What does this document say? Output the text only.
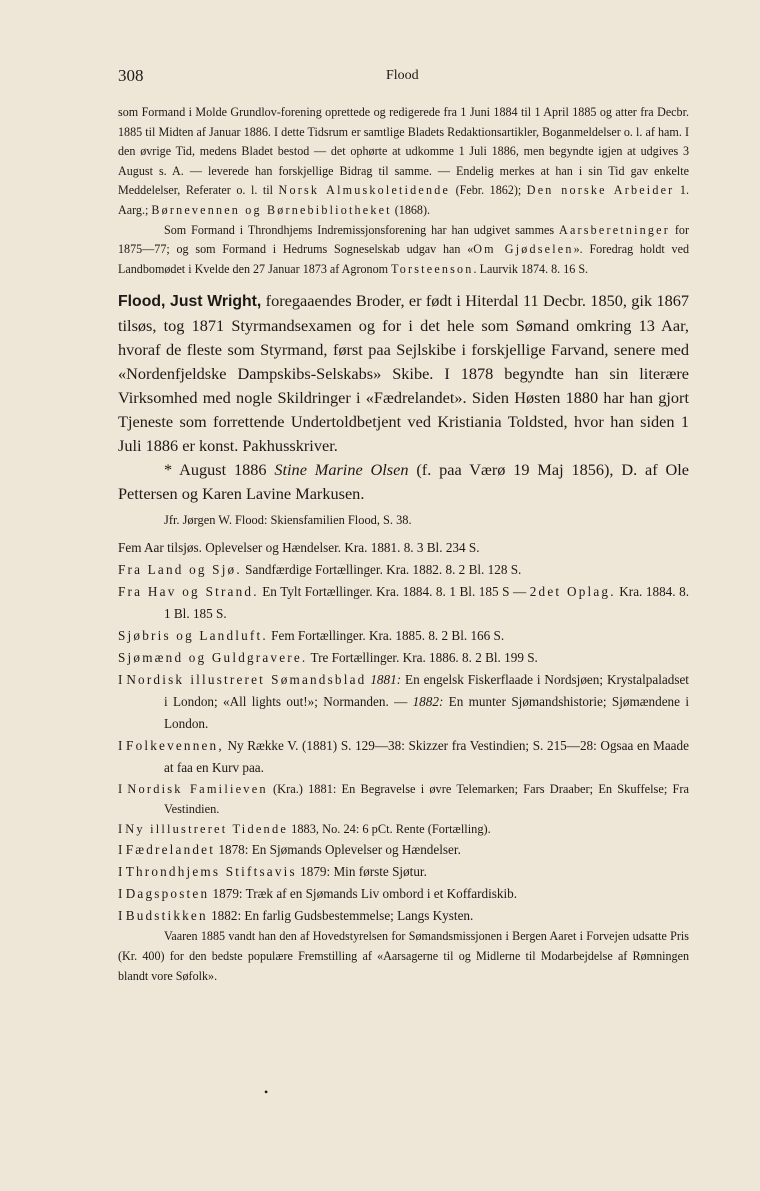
308	Flood

som Formand i Molde Grundlov-forening oprettede og redigerede fra 1 Juni 1884 til 1 April 1885 og atter fra Decbr. 1885 til Midten af Januar 1886. I dette Tidsrum er samtlige Bladets Redaktionsartikler, Boganmeldelser o. l. af ham. I den øvrige Tid, medens Bladet bestod — det ophørte at udkomme 1 Juli 1886, men begyndte igjen at udgives 3 August s. A. — leverede han forskjellige Bidrag til samme. — Endelig merkes at han i sin Tid gav enkelte Meddelelser, Referater o. l. til Norsk Almuskoletidende (Febr. 1862); Den norske Arbeider 1. Aarg.; Børnevennen og Børnebibliotheket (1868).

Som Formand i Throndhjems Indremissjonsforening har han udgivet sammes Aarsberetninger for 1875—77; og som Formand i Hedrums Sogneselskab udgav han «Om Gjødselen». Foredrag holdt ved Landbomødet i Kvelde den 27 Januar 1873 af Agronom Torsteenson. Laurvik 1874. 8. 16 S.

Flood, Just Wright, foregaaendes Broder, er født i Hiterdal 11 Decbr. 1850, gik 1867 tilsøs, tog 1871 Styrmandsexamen og for i det hele som Sømand omkring 13 Aar, hvoraf de fleste som Styrmand, først paa Sejlskibe i forskjellige Farvand, senere med «Nordenfjeldske Dampskibs-Selskabs» Skibe. I 1878 begyndte han sin literære Virksomhed med nogle Skildringer i «Fædrelandet». Siden Høsten 1880 har han gjort Tjeneste som forrettende Undertoldbetjent ved Kristiania Toldsted, hvor han siden 1 Juli 1886 er konst. Pakhusskriver.

* August 1886 Stine Marine Olsen (f. paa Værø 19 Maj 1856), D. af Ole Pettersen og Karen Lavine Markusen.

Jfr. Jørgen W. Flood: Skiensfamilien Flood, S. 38.

Fem Aar tilsjøs. Oplevelser og Hændelser. Kra. 1881. 8. 3 Bl. 234 S.

Fra Land og Sjø. Sandfærdige Fortællinger. Kra. 1882. 8. 2 Bl. 128 S.

Fra Hav og Strand. En Tylt Fortællinger. Kra. 1884. 8. 1 Bl. 185 S — 2det Oplag. Kra. 1884. 8. 1 Bl. 185 S.

Sjøbris og Landluft. Fem Fortællinger. Kra. 1885. 8. 2 Bl. 166 S.

Sjømænd og Guldgravere. Tre Fortællinger. Kra. 1886. 8. 2 Bl. 199 S.

I Nordisk illustreret Sømandsblad 1881: En engelsk Fiskerflaade i Nordsjøen; Krystalpaladset i London; «All lights out!»; Normanden. — 1882: En munter Sjømandshistorie; Sjømændene i London.

I Folkevennen, Ny Række V. (1881) S. 129—38: Skizzer fra Vestindien; S. 215—28: Ogsaa en Maade at faa en Kurv paa.

I Nordisk Familieven (Kra.) 1881: En Begravelse i øvre Telemarken; Fars Draaber; En Skuffelse; Fra Vestindien.

I Ny illlustreret Tidende 1883, No. 24: 6 pCt. Rente (Fortælling).

I Fædrelandet 1878: En Sjømands Oplevelser og Hændelser.

I Throndhjems Stiftsavis 1879: Min første Sjøtur.

I Dagsposten 1879: Træk af en Sjømands Liv ombord i et Koffardiskib.

I Budstikken 1882: En farlig Gudsbestemmelse; Langs Kysten.

Vaaren 1885 vandt han den af Hovedstyrelsen for Sømandsmissjonen i Bergen Aaret i Forvejen udsatte Pris (Kr. 400) for den bedste populære Fremstilling af «Aarsagerne til og Midlerne til Modarbejdelse af Rømningen blandt vore Søfolk».

•
